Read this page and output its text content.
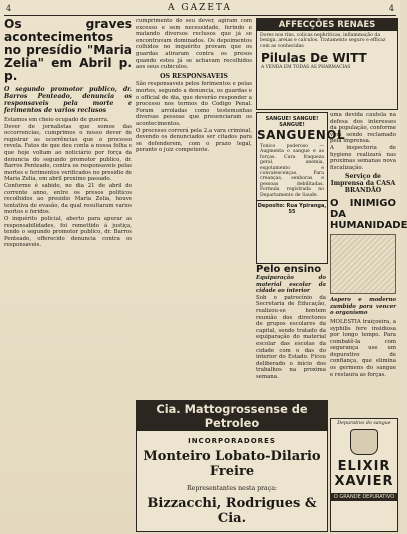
4	A GAZETA	4
Os graves acontecimentos no presídio "Maria Zelia" em Abril p. p.
O segundo promotor publico, dr. Barros Penteado, denuncia os responsaveis pela morte e ferimentos de varios reclusos
Estamos em cheio ocupado de guerra.
Dever de jornalistas que somos das occorrencias, cumprimos o nosso dever de registrar as ocorrências que o processo revela. Fatos de que deu conta a nossa folha e que hoje voltam ao noticiário por força da denuncia do segundo promotor publico, dr. Barros Penteado, contra os responsaveis pelas mortes e ferimentos verificados no presidio de Maria Zelia, em abril proximo passado.
Conforme é sabido, no dia 21 de abril do corrente anno, entre os presos politicos recolhidos ao presidio Maria Zelia, houve tentativa de evasão, da qual resultaram varios mortos e feridos.
O inquérito policial, aberto para apurar as responsabilidades, foi remettido á justiça, tendo o segundo promotor publico, dr. Barros Penteado, offerecido denuncia contra os responsaveis.
cumprimento do seu dever, agiram com excesso e sem necessidade, ferindo e matando diversos reclusos que já se encontravam dominados. Os depoimentos colhidos no inquérito provam que os guardas atiraram contra os presos quando estes já se achavam recolhidos aos seus cubiculos.
OS RESPONSAVEIS
São responsaveis pelos ferimentos e pelas mortes, segundo a denuncia, os guardas e o official de dia, que deverão responder a processo nos termos do Codigo Penal. Foram arroladas como testemunhas diversas pessoas que presenciaram os acontecimentos.
O processo correrá pela 2.a vara criminal, devendo os denunciados ser citados para se defenderem, com o prazo legal, perante o juiz competente.
AFFECÇÕES RENAES
Dores nos rins, colicas nephriticas, inflammação da bexiga, areias e calculos. Tratamento seguro e efficaz com as conhecidas
Pilulas De WITT
A VENDA EM TODAS AS PHARMACIAS
SANGUE! SANGUE! SANGUE!
SANGUENOL
Tonico poderoso — Augmenta o sangue e as forças. Cura fraqueza geral, anemia, esgotamento e convalescenças. Para creanças, senhoras e pessoas debilitadas. Formula registrada no Departamento de Saude.
Deposito: Rua Ypiranga, 55
Pelo ensino
Equiparação do material escolar da cidade ao interior
Sob o patrocínio da Secretaria de Educação, realizou-se hontem reunião dos directores de grupos escolares da capital, sendo tratado da equiparação do material escolar das escolas da cidade com o das do interior do Estado. Ficou deliberado o inicio dos trabalhos na proxima semana.
uma devida cautela na defesa dos interesses da população, conforme vem sendo reclamado pela imprensa.
A inspectoria de hygiene realizará nas proximas semanas nova fiscalização.
Serviço de Imprensa da CASA BRANDÃO
O INIMIGO DA HUMANIDADE
Aspero e moderno zumbido para vencer o organismo
MOLESTIA traiçoeira, a syphilis fere insidiosa por longo tempo. Para combatê-la com segurança use um depurativo de confiança, que elimina os germens do sangue e restaura as forças.
Cia. Mattogrossense de Petroleo
INCORPORADORES
Monteiro Lobato-Dilario Freire
Representantes nesta praça:
Bizzacchi, Rodrigues & Cia.
Depurativo do sangue
ELIXIR XAVIER
O GRANDE DEPURATIVO
